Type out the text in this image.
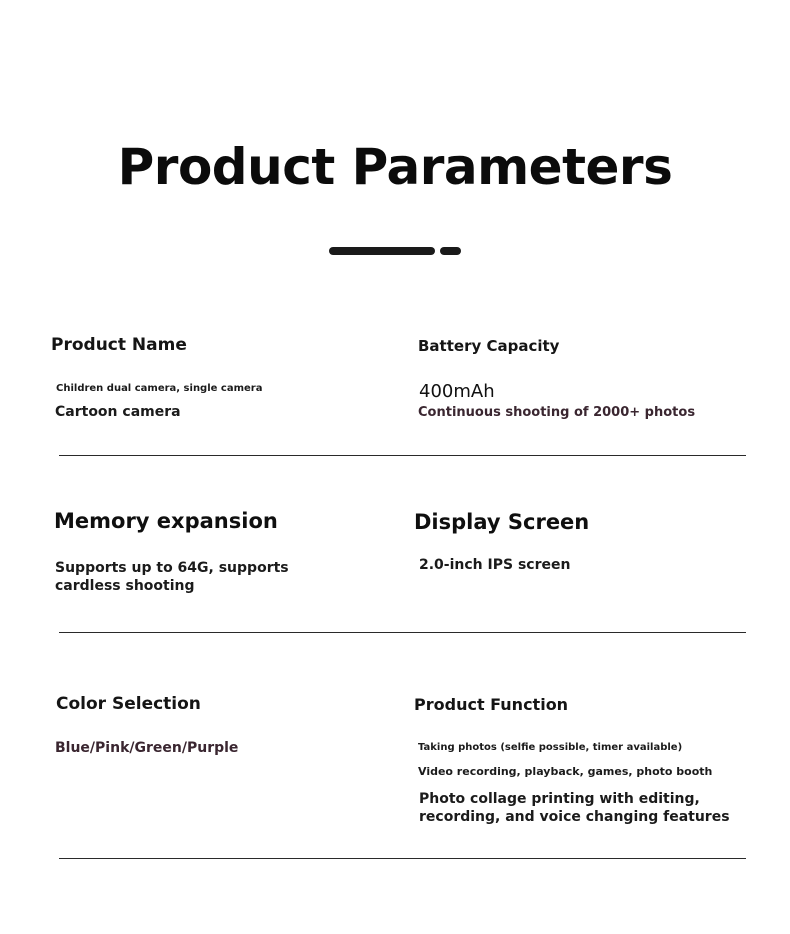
Product Parameters
Product Name
Children dual camera, single camera
Cartoon camera
Battery Capacity
400mAh
Continuous shooting of 2000+ photos
Memory expansion
Supports up to 64G, supports
cardless shooting
Display Screen
2.0-inch IPS screen
Color Selection
Blue/Pink/Green/Purple
Product Function
Taking photos (selfie possible, timer available)
Video recording, playback, games, photo booth
Photo collage printing with editing,
recording, and voice changing features
